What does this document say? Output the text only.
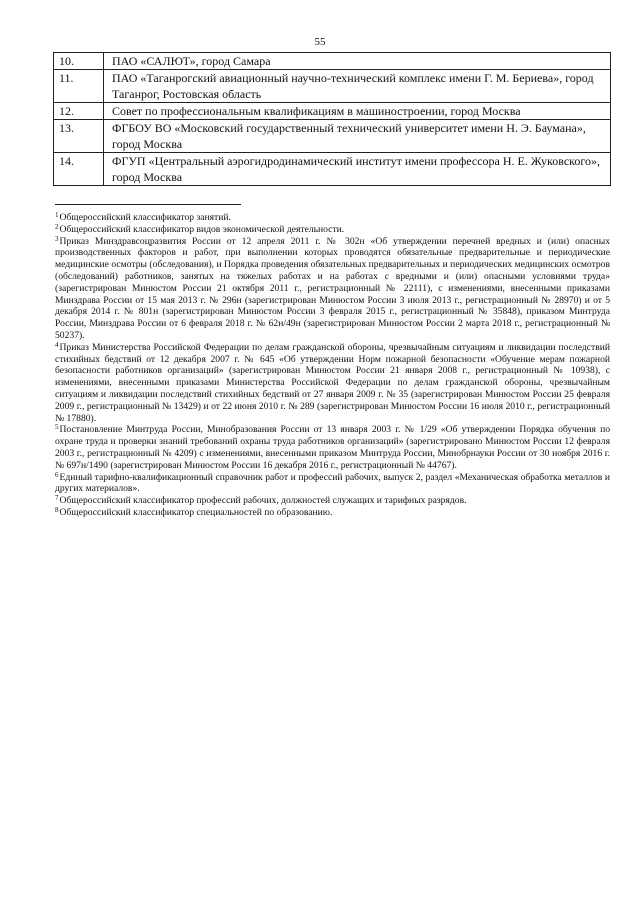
55
10.	ПАО «САЛЮТ», город Самара
11.	ПАО «Таганрогский авиационный научно-технический комплекс имени Г. М. Бериева», город Таганрог, Ростовская область
12.	Совет по профессиональным квалификациям в машиностроении, город Москва
13.	ФГБОУ ВО «Московский государственный технический университет имени Н. Э. Баумана», город Москва
14.	ФГУП «Центральный аэрогидродинамический институт имени профессора Н. Е. Жуковского», город Москва

$^1$Общероссийский классификатор занятий.

$^2$Общероссийский классификатор видов экономической деятельности.

$^3$Приказ Минздравсоцразвития России от 12 апреля 2011 г. № 302н «Об утверждении перечней вредных и (или) опасных производственных факторов и работ, при выполнении которых проводятся обязательные предварительные и периодические медицинские осмотры (обследования), и Порядка проведения обязательных предварительных и периодических медицинских осмотров (обследований) работников, занятых на тяжелых работах и на работах с вредными и (или) опасными условиями труда» (зарегистрирован Минюстом России 21 октября 2011 г., регистрационный № 22111), с изменениями, внесенными приказами Минздрава России от 15 мая 2013 г. № 296н (зарегистрирован Минюстом России 3 июля 2013 г., регистрационный № 28970) и от 5 декабря 2014 г. № 801н (зарегистрирован Минюстом России 3 февраля 2015 г., регистрационный № 35848), приказом Минтруда России, Минздрава России от 6 февраля 2018 г. № 62н/49н (зарегистрирован Минюстом России 2 марта 2018 г., регистрационный № 50237).

$^4$Приказ Министерства Российской Федерации по делам гражданской обороны, чрезвычайным ситуациям и ликвидации последствий стихийных бедствий от 12 декабря 2007 г. № 645 «Об утверждении Норм пожарной безопасности «Обучение мерам пожарной безопасности работников организаций» (зарегистрирован Минюстом России 21 января 2008 г., регистрационный № 10938), с изменениями, внесенными приказами Министерства Российской Федерации по делам гражданской обороны, чрезвычайным ситуациям и ликвидации последствий стихийных бедствий от 27 января 2009 г. № 35 (зарегистрирован Минюстом России 25 февраля 2009 г., регистрационный № 13429) и от 22 июня 2010 г. № 289 (зарегистрирован Минюстом России 16 июля 2010 г., регистрационный № 17880).

$^5$Постановление Минтруда России, Минобразования России от 13 января 2003 г. № 1/29 «Об утверждении Порядка обучения по охране труда и проверки знаний требований охраны труда работников организаций» (зарегистрировано Минюстом России 12 февраля 2003 г., регистрационный № 4209) с изменениями, внесенными приказом Минтруда России, Минобрнауки России от 30 ноября 2016 г. № 697н/1490 (зарегистрирован Минюстом России 16 декабря 2016 г., регистрационный № 44767).

$^6$Единый тарифно-квалификационный справочник работ и профессий рабочих, выпуск 2, раздел «Механическая обработка металлов и других материалов».

$^7$Общероссийский классификатор профессий рабочих, должностей служащих и тарифных разрядов.

$^8$Общероссийский классификатор специальностей по образованию.
